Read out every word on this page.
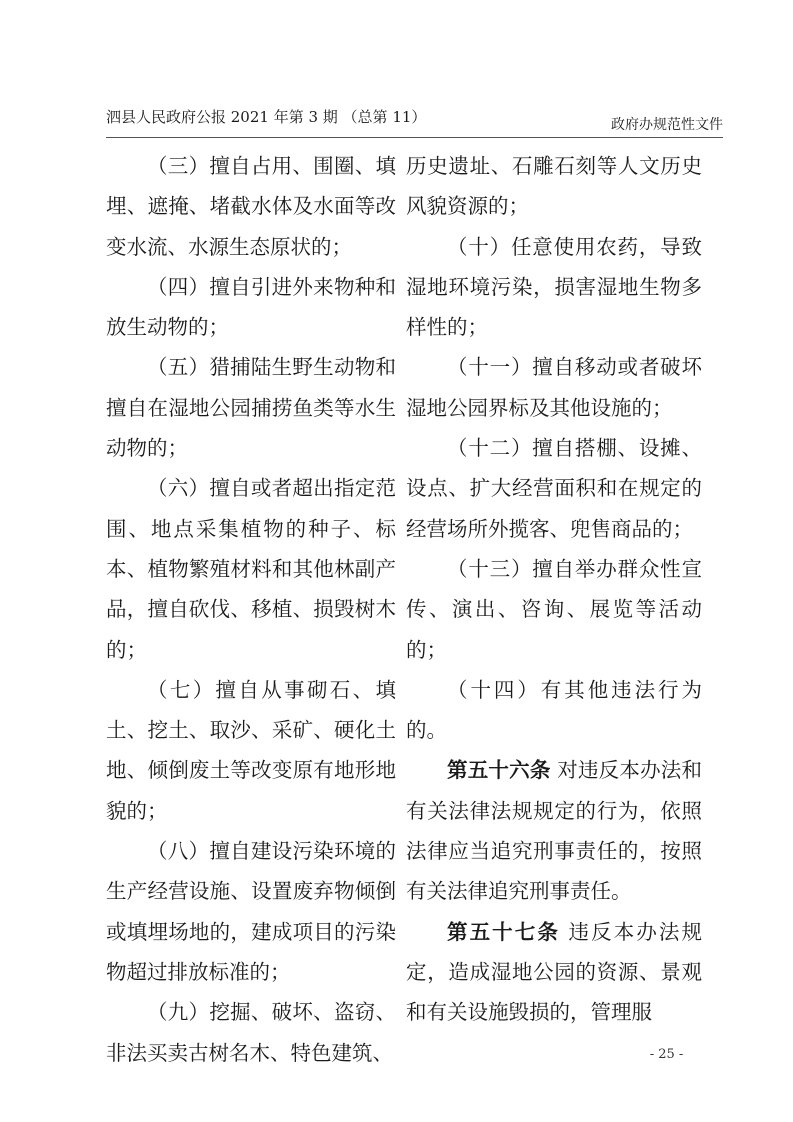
泗县人民政府公报 2021 年第 3 期 （总第 11）	政府办规范性文件

（三）擅自占用、围圈、填埋、遮掩、堵截水体及水面等改变水流、水源生态原状的；

（四）擅自引进外来物种和放生动物的；

（五）猎捕陆生野生动物和擅自在湿地公园捕捞鱼类等水生动物的；

（六）擅自或者超出指定范围、地点采集植物的种子、标本、植物繁殖材料和其他林副产品，擅自砍伐、移植、损毁树木的；

（七）擅自从事砌石、填土、挖土、取沙、采矿、硬化土地、倾倒废土等改变原有地形地貌的；

（八）擅自建设污染环境的生产经营设施、设置废弃物倾倒或填埋场地的，建成项目的污染物超过排放标准的；

（九）挖掘、破坏、盗窃、非法买卖古树名木、特色建筑、

历史遗址、石雕石刻等人文历史风貌资源的；

（十）任意使用农药，导致湿地环境污染，损害湿地生物多样性的；

（十一）擅自移动或者破坏湿地公园界标及其他设施的；

（十二）擅自搭棚、设摊、设点、扩大经营面积和在规定的经营场所外揽客、兜售商品的；

（十三）擅自举办群众性宣传、演出、咨询、展览等活动的；

（十四）有其他违法行为的。

第五十六条 对违反本办法和有关法律法规规定的行为，依照法律应当追究刑事责任的，按照有关法律追究刑事责任。

第五十七条 违反本办法规定，造成湿地公园的资源、景观和有关设施毁损的，管理服

- 25 -
